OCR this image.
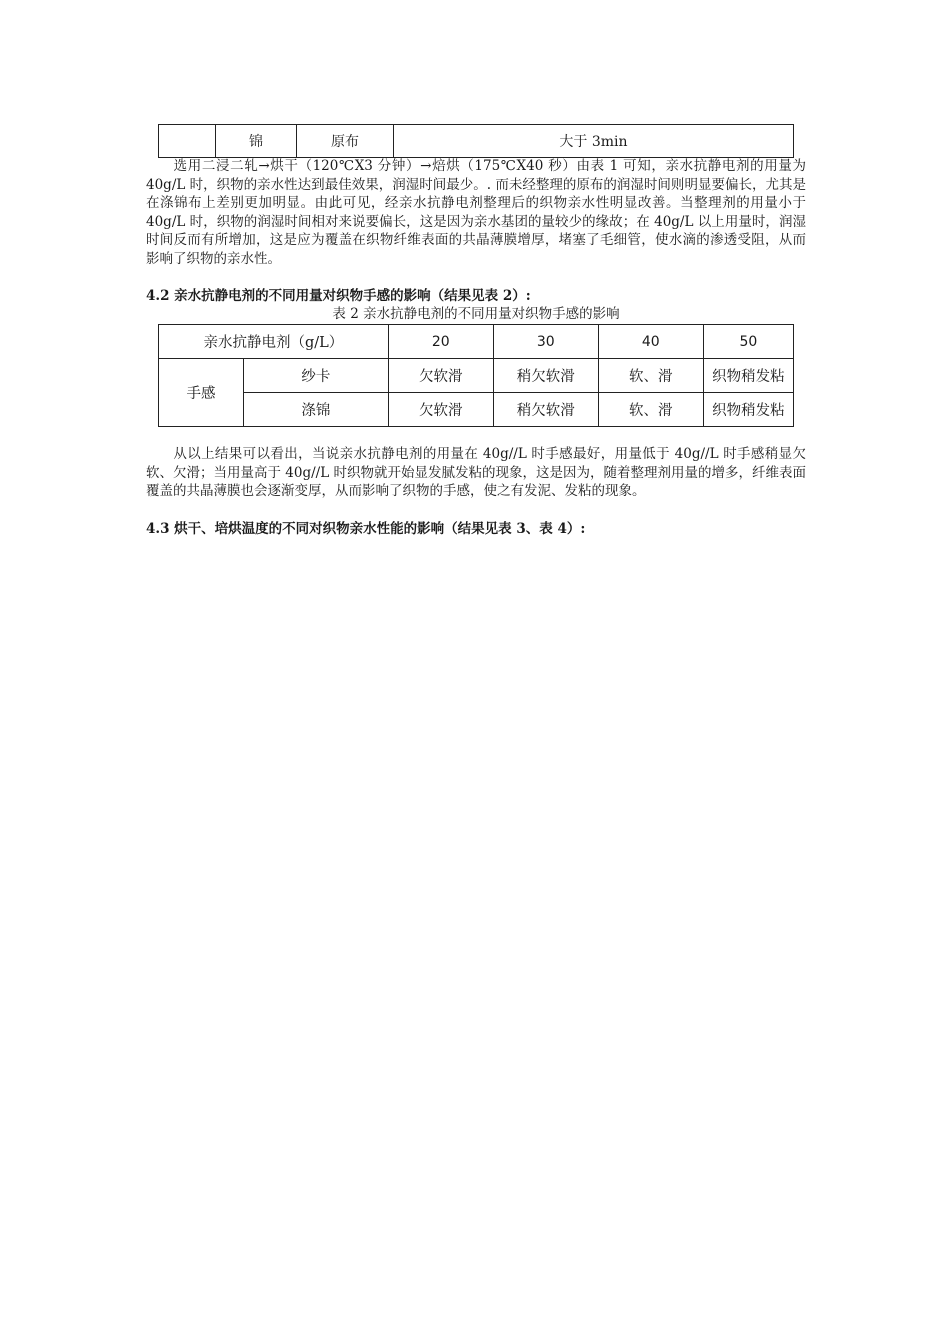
	锦	原布	大于 3min
选用二浸二轧→烘干（120℃X3 分钟）→焙烘（175℃X40 秒）由表 1 可知，亲水抗静电剂的用量为 40g/L 时，织物的亲水性达到最佳效果，润湿时间最少。. 而未经整理的原布的润湿时间则明显要偏长，尤其是在涤锦布上差别更加明显。由此可见，经亲水抗静电剂整理后的织物亲水性明显改善。当整理剂的用量小于 40g/L 时，织物的润湿时间相对来说要偏长，这是因为亲水基团的量较少的缘故；在 40g/L 以上用量时，润湿时间反而有所增加，这是应为覆盖在织物纤维表面的共晶薄膜增厚，堵塞了毛细管，使水滴的渗透受阻，从而影响了织物的亲水性。
4.2 亲水抗静电剂的不同用量对织物手感的影响（结果见表 2）:
表 2 亲水抗静电剂的不同用量对织物手感的影响
亲水抗静电剂（g/L）		20	30	40	50
手感	纱卡	欠软滑	稍欠软滑	软、滑	织物稍发粘
	涤锦	欠软滑	稍欠软滑	软、滑	织物稍发粘
从以上结果可以看出，当说亲水抗静电剂的用量在 40g//L 时手感最好，用量低于 40g//L 时手感稍显欠软、欠滑；当用量高于 40g//L 时织物就开始显发腻发粘的现象，这是因为，随着整理剂用量的增多，纤维表面覆盖的共晶薄膜也会逐渐变厚，从而影响了织物的手感，使之有发泥、发粘的现象。
4.3 烘干、培烘温度的不同对织物亲水性能的影响（结果见表 3、表 4）:
